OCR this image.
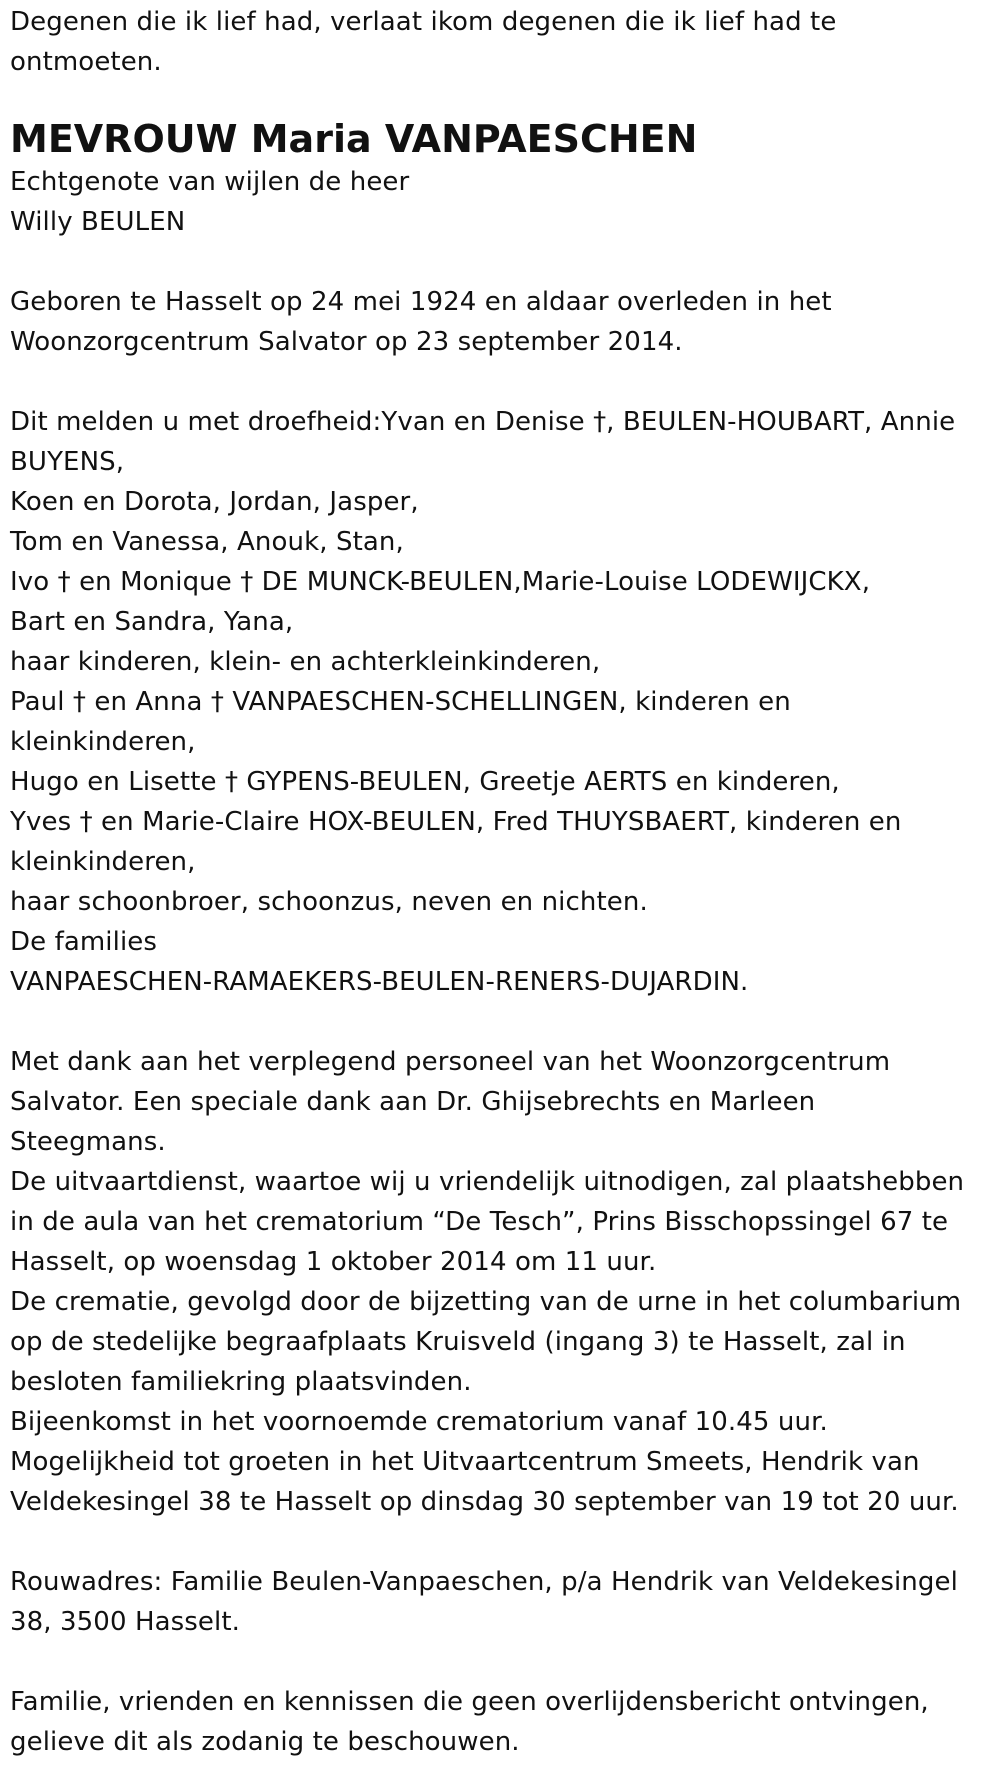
Degenen die ik lief had, verlaat ikom degenen die ik lief had te
ontmoeten.
MEVROUW Maria VANPAESCHEN
Echtgenote van wijlen de heer
Willy BEULEN
Geboren te Hasselt op 24 mei 1924 en aldaar overleden in het
Woonzorgcentrum Salvator op 23 september 2014.
Dit melden u met droefheid:Yvan en Denise †, BEULEN-HOUBART, Annie
BUYENS,
Koen en Dorota, Jordan, Jasper,
Tom en Vanessa, Anouk, Stan,
Ivo † en Monique † DE MUNCK-BEULEN,Marie-Louise LODEWIJCKX,
Bart en Sandra, Yana,
haar kinderen, klein- en achterkleinkinderen,
Paul † en Anna † VANPAESCHEN-SCHELLINGEN, kinderen en
kleinkinderen,
Hugo en Lisette † GYPENS-BEULEN, Greetje AERTS en kinderen,
Yves † en Marie-Claire HOX-BEULEN, Fred THUYSBAERT, kinderen en
kleinkinderen,
haar schoonbroer, schoonzus, neven en nichten.
De families
VANPAESCHEN-RAMAEKERS-BEULEN-RENERS-DUJARDIN.
Met dank aan het verplegend personeel van het Woonzorgcentrum
Salvator. Een speciale dank aan Dr. Ghijsebrechts en Marleen
Steegmans.
De uitvaartdienst, waartoe wij u vriendelijk uitnodigen, zal plaatshebben
in de aula van het crematorium “De Tesch”, Prins Bisschopssingel 67 te
Hasselt, op woensdag 1 oktober 2014 om 11 uur.
De crematie, gevolgd door de bijzetting van de urne in het columbarium
op de stedelijke begraafplaats Kruisveld (ingang 3) te Hasselt, zal in
besloten familiekring plaatsvinden.
Bijeenkomst in het voornoemde crematorium vanaf 10.45 uur.
Mogelijkheid tot groeten in het Uitvaartcentrum Smeets, Hendrik van
Veldekesingel 38 te Hasselt op dinsdag 30 september van 19 tot 20 uur.
Rouwadres: Familie Beulen-Vanpaeschen, p/a Hendrik van Veldekesingel
38, 3500 Hasselt.
Familie, vrienden en kennissen die geen overlijdensbericht ontvingen,
gelieve dit als zodanig te beschouwen.
